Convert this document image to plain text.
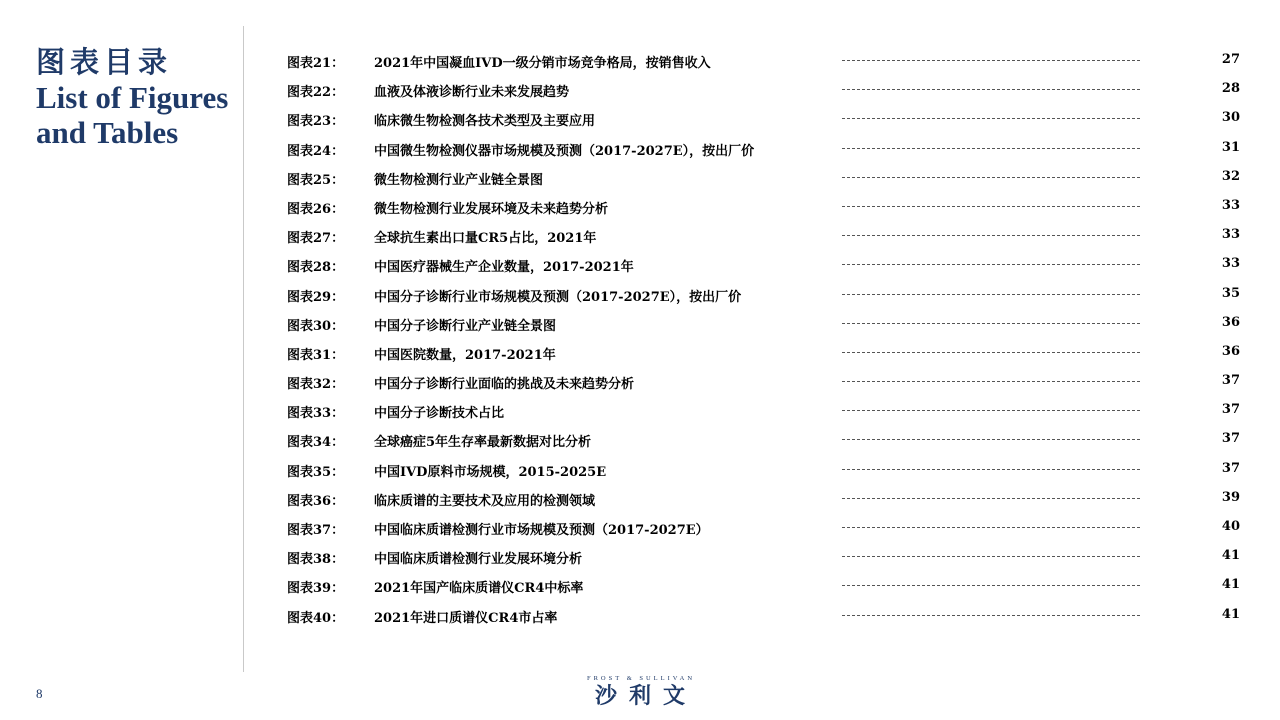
图表目录
List of Figures
and Tables
图表21： 2021年中国凝血IVD一级分销市场竞争格局，按销售收入	27
图表22： 血液及体液诊断行业未来发展趋势	28
图表23： 临床微生物检测各技术类型及主要应用	30
图表24： 中国微生物检测仪器市场规模及预测（2017-2027E），按出厂价	31
图表25： 微生物检测行业产业链全景图	32
图表26： 微生物检测行业发展环境及未来趋势分析	33
图表27： 全球抗生素出口量CR5占比，2021年	33
图表28： 中国医疗器械生产企业数量，2017-2021年	33
图表29： 中国分子诊断行业市场规模及预测（2017-2027E），按出厂价	35
图表30： 中国分子诊断行业产业链全景图	36
图表31： 中国医院数量，2017-2021年	36
图表32： 中国分子诊断行业面临的挑战及未来趋势分析	37
图表33： 中国分子诊断技术占比	37
图表34： 全球癌症5年生存率最新数据对比分析	37
图表35： 中国IVD原料市场规模，2015-2025E	37
图表36： 临床质谱的主要技术及应用的检测领域	39
图表37： 中国临床质谱检测行业市场规模及预测（2017-2027E）	40
图表38： 中国临床质谱检测行业发展环境分析	41
图表39： 2021年国产临床质谱仪CR4中标率	41
图表40： 2021年进口质谱仪CR4市占率	41
8
FROST & SULLIVAN
沙利文
